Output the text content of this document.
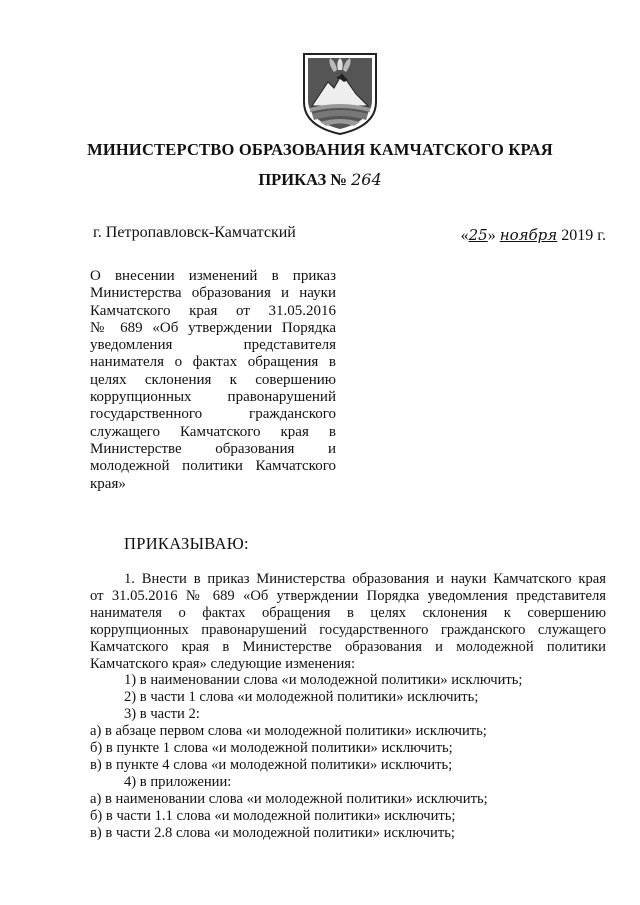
МИНИСТЕРСТВО ОБРАЗОВАНИЯ КАМЧАТСКОГО КРАЯ
ПРИКАЗ № 264
г. Петропавловск-Камчатский	«25» ноября 2019 г.
О внесении изменений в приказ
Министерства образования и науки
Камчатского края от 31.05.2016
№ 689 «Об утверждении Порядка
уведомления представителя
нанимателя о фактах обращения в
целях склонения к совершению
коррупционных правонарушений
государственного гражданского
служащего Камчатского края в
Министерстве образования и
молодежной политики Камчатского
края»
ПРИКАЗЫВАЮ:
1. Внести в приказ Министерства образования и науки Камчатского края
от 31.05.2016 № 689 «Об утверждении Порядка уведомления представителя
нанимателя о фактах обращения в целях склонения к совершению
коррупционных правонарушений государственного гражданского служащего
Камчатского края в Министерстве образования и молодежной политики
Камчатского края» следующие изменения:
1) в наименовании слова «и молодежной политики» исключить;
2) в части 1 слова «и молодежной политики» исключить;
3) в части 2:
а) в абзаце первом слова «и молодежной политики» исключить;
б) в пункте 1 слова «и молодежной политики» исключить;
в) в пункте 4 слова «и молодежной политики» исключить;
4) в приложении:
а) в наименовании слова «и молодежной политики» исключить;
б) в части 1.1 слова «и молодежной политики» исключить;
в) в части 2.8 слова «и молодежной политики» исключить;
